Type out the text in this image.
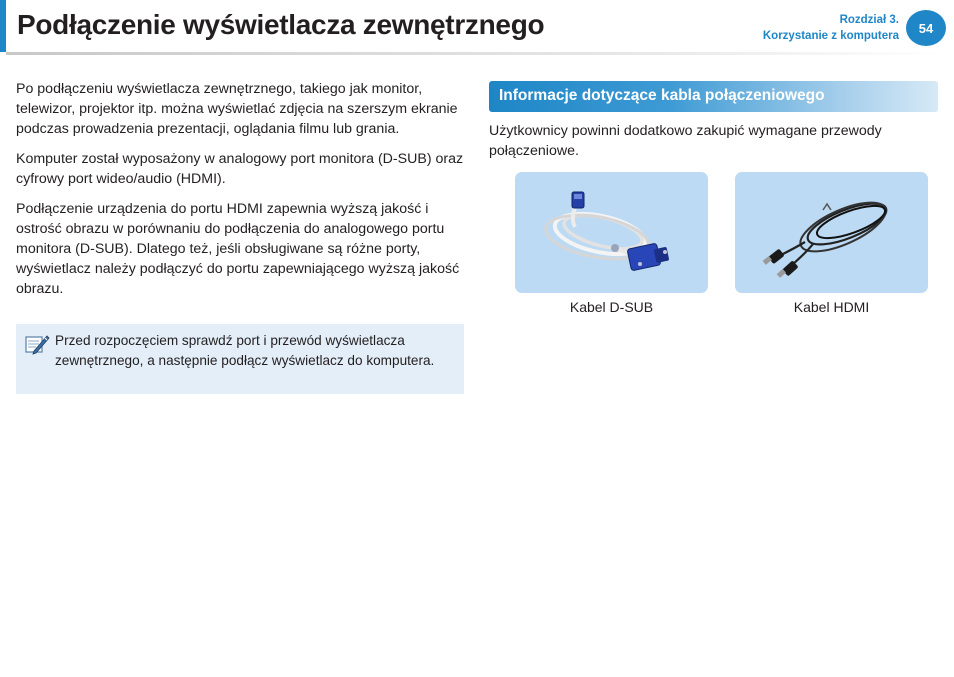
Podłączenie wyświetlacza zewnętrznego	Rozdział 3.
Korzystanie z komputera
54

Po podłączeniu wyświetlacza zewnętrznego, takiego jak monitor, telewizor, projektor itp. można wyświetlać zdjęcia na szerszym ekranie podczas prowadzenia prezentacji, oglądania filmu lub grania.

Komputer został wyposażony w analogowy port monitora (D-SUB) oraz cyfrowy port wideo/audio (HDMI).

Podłączenie urządzenia do portu HDMI zapewnia wyższą jakość i ostrość obrazu w porównaniu do podłączenia do analogowego portu monitora (D-SUB). Dlatego też, jeśli obsługiwane są różne porty, wyświetlacz należy podłączyć do portu zapewniającego wyższą jakość obrazu.

Przed rozpoczęciem sprawdź port i przewód wyświetlacza zewnętrznego, a następnie podłącz wyświetlacz do komputera.

Informacje dotyczące kabla połączeniowego

Użytkownicy powinni dodatkowo zakupić wymagane przewody połączeniowe.

Kabel D-SUB	Kabel HDMI
